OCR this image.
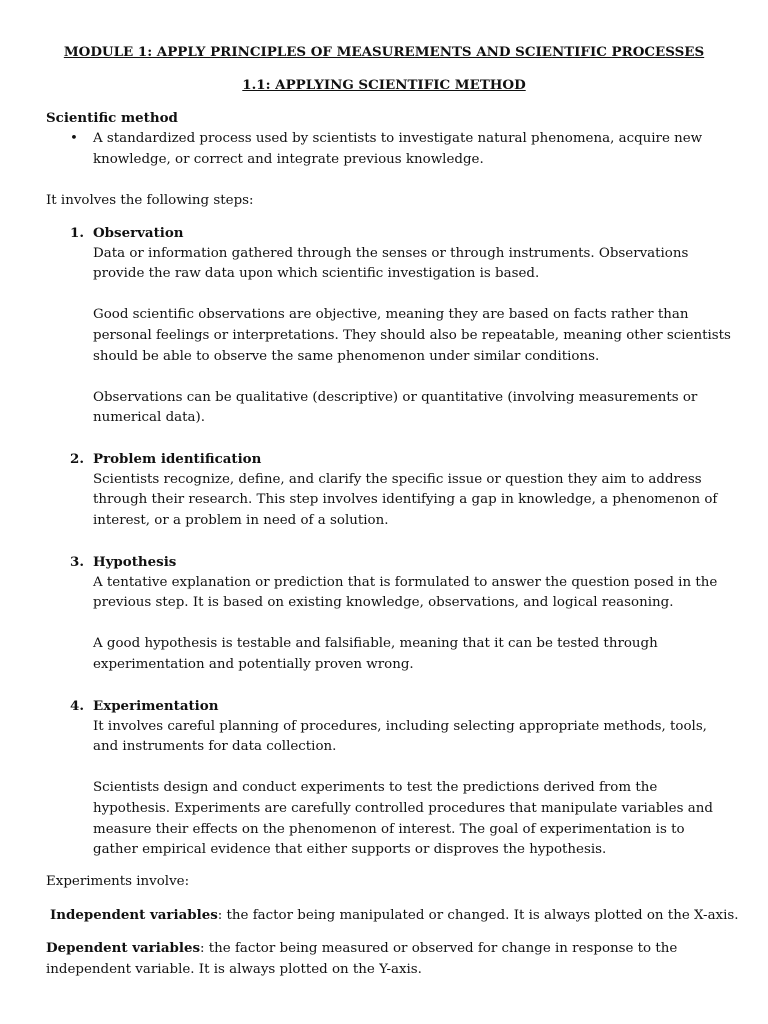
MODULE 1: APPLY PRINCIPLES OF MEASUREMENTS AND SCIENTIFIC PROCESSES
1.1: APPLYING SCIENTIFIC METHOD
Scientific method
• A standardized process used by scientists to investigate natural phenomena, acquire new knowledge, or correct and integrate previous knowledge.
It involves the following steps:
1. Observation

Data or information gathered through the senses or through instruments. Observations provide the raw data upon which scientific investigation is based.

Good scientific observations are objective, meaning they are based on facts rather than personal feelings or interpretations. They should also be repeatable, meaning other scientists should be able to observe the same phenomenon under similar conditions.

Observations can be qualitative (descriptive) or quantitative (involving measurements or numerical data).

2. Problem identification

Scientists recognize, define, and clarify the specific issue or question they aim to address through their research. This step involves identifying a gap in knowledge, a phenomenon of interest, or a problem in need of a solution.

3. Hypothesis

A tentative explanation or prediction that is formulated to answer the question posed in the previous step. It is based on existing knowledge, observations, and logical reasoning.

A good hypothesis is testable and falsifiable, meaning that it can be tested through experimentation and potentially proven wrong.

4. Experimentation

It involves careful planning of procedures, including selecting appropriate methods, tools, and instruments for data collection.

Scientists design and conduct experiments to test the predictions derived from the hypothesis. Experiments are carefully controlled procedures that manipulate variables and measure their effects on the phenomenon of interest. The goal of experimentation is to gather empirical evidence that either supports or disproves the hypothesis.

Experiments involve:
Independent variables: the factor being manipulated or changed. It is always plotted on the X-axis.
Dependent variables: the factor being measured or observed for change in response to the independent variable. It is always plotted on the Y-axis.
